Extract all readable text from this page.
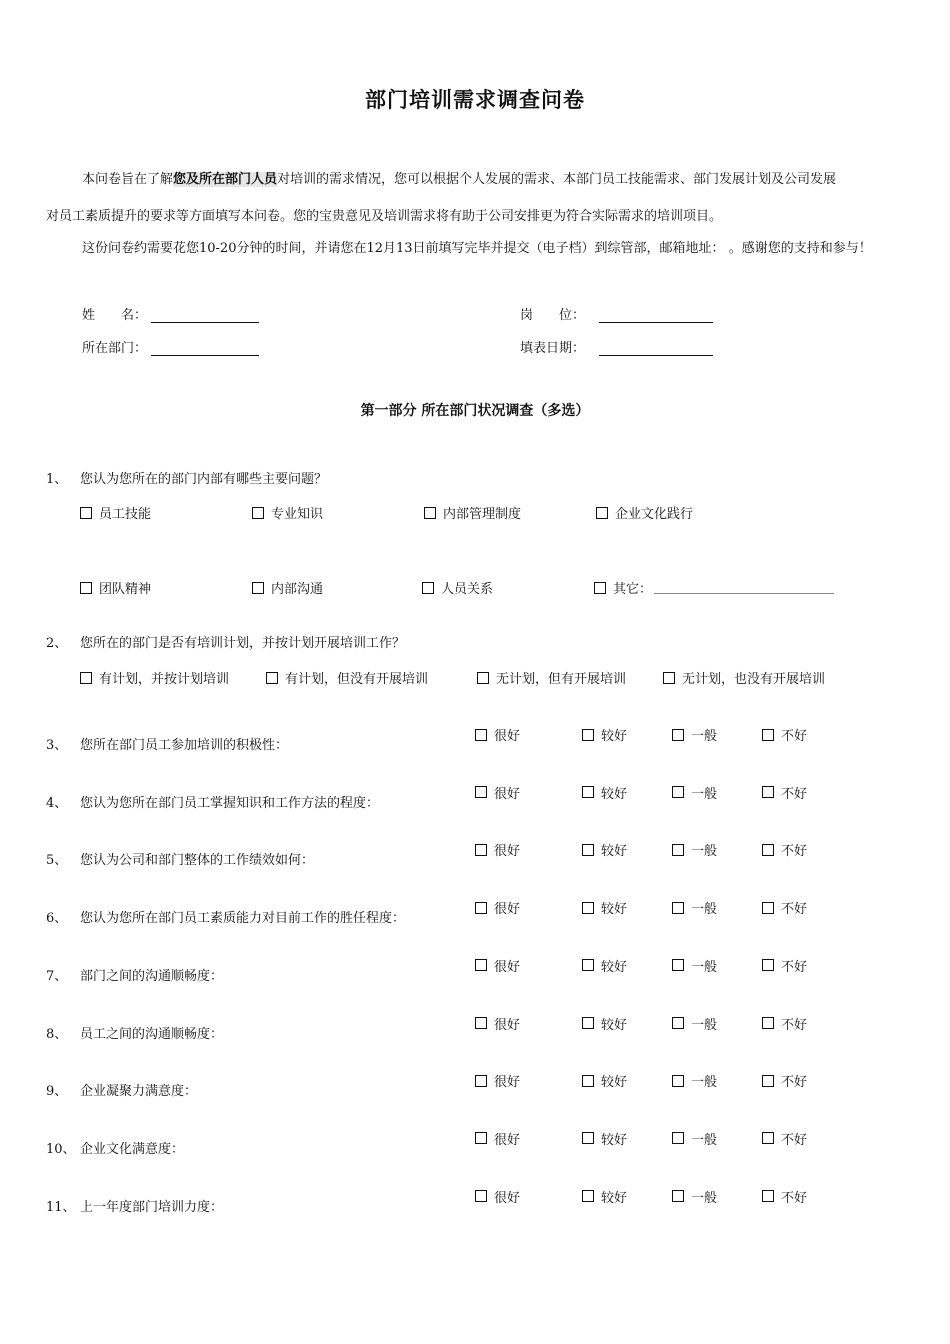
部门培训需求调查问卷
本问卷旨在了解您及所在部门人员对培训的需求情况，您可以根据个人发展的需求、本部门员工技能需求、部门发展计划及公司发展
对员工素质提升的要求等方面填写本问卷。您的宝贵意见及培训需求将有助于公司安排更为符合实际需求的培训项目。
这份问卷约需要花您10-20分钟的时间，并请您在12月13日前填写完毕并提交（电子档）到综管部，邮箱地址： 。感谢您的支持和参与！
姓　　名：
所在部门：
岗　　位：
填表日期：
第一部分 所在部门状况调查（多选）
1、 您认为您所在的部门内部有哪些主要问题？
员工技能	专业知识	内部管理制度	企业文化践行
团队精神	内部沟通	人员关系	其它：
2、 您所在的部门是否有培训计划，并按计划开展培训工作？
有计划，并按计划培训	有计划，但没有开展培训	无计划，但有开展培训	无计划，也没有开展培训
3、 您所在部门员工参加培训的积极性：
很好	较好	一般	不好
4、 您认为您所在部门员工掌握知识和工作方法的程度：
很好	较好	一般	不好
5、 您认为公司和部门整体的工作绩效如何：
很好	较好	一般	不好
6、 您认为您所在部门员工素质能力对目前工作的胜任程度：
很好	较好	一般	不好
7、 部门之间的沟通顺畅度：
很好	较好	一般	不好
8、 员工之间的沟通顺畅度：
很好	较好	一般	不好
9、 企业凝聚力满意度：
很好	较好	一般	不好
10、 企业文化满意度：
很好	较好	一般	不好
11、 上一年度部门培训力度：
很好	较好	一般	不好
